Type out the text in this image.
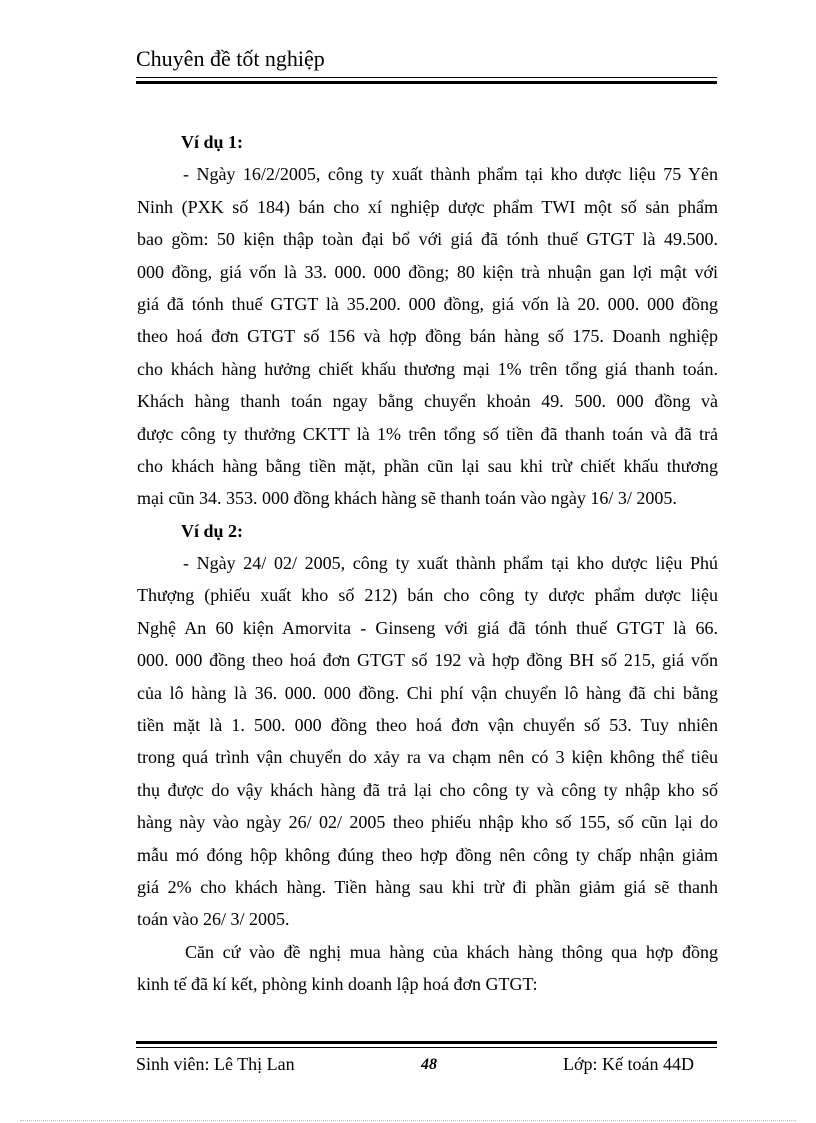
Chuyên đề tốt nghiệp
Ví dụ 1:
- Ngày 16/2/2005, công ty xuất thành phẩm tại kho dược liệu 75 Yên
Ninh (PXK số 184) bán cho xí nghiệp dược phẩm TWI một số sản phẩm
bao gồm: 50 kiện thập toàn đại bổ với giá đã tónh thuế GTGT là 49.500.
000 đồng, giá vốn là 33. 000. 000 đồng; 80 kiện trà nhuận gan lợi mật với
giá đã tónh thuế GTGT là 35.200. 000 đồng, giá vốn là 20. 000. 000 đồng
theo hoá đơn GTGT số 156 và hợp đồng bán hàng số 175. Doanh nghiệp
cho khách hàng hưởng chiết khấu thương mại 1% trên tổng giá thanh toán.
Khách hàng thanh toán ngay bằng chuyển khoản 49. 500. 000 đồng và
được công ty thưởng CKTT là 1% trên tổng số tiền đã thanh toán và đã trả
cho khách hàng bằng tiền mặt, phần cũn lại sau khi trừ chiết khấu thương
mại cũn 34. 353. 000 đồng khách hàng sẽ thanh toán vào ngày 16/ 3/ 2005.
Ví dụ 2:
- Ngày 24/ 02/ 2005, công ty xuất thành phẩm tại kho dược liệu Phú
Thượng (phiếu xuất kho số 212) bán cho công ty dược phẩm dược liệu
Nghệ An 60 kiện Amorvita - Ginseng với giá đã tónh thuế GTGT là 66.
000. 000 đồng theo hoá đơn GTGT số 192 và hợp đồng BH số 215, giá vốn
của lô hàng là 36. 000. 000 đồng. Chi phí vận chuyển lô hàng đã chi bằng
tiền mặt là 1. 500. 000 đồng theo hoá đơn vận chuyển số 53. Tuy nhiên
trong quá trình vận chuyển do xảy ra va chạm nên có 3 kiện không thể tiêu
thụ được do vậy khách hàng đã trả lại cho công ty và công ty nhập kho số
hàng này vào ngày 26/ 02/ 2005 theo phiếu nhập kho số 155, số cũn lại do
mẫu mó đóng hộp không đúng theo hợp đồng nên công ty chấp nhận giảm
giá 2% cho khách hàng. Tiền hàng sau khi trừ đi phần giảm giá sẽ thanh
toán vào 26/ 3/ 2005.
Căn cứ vào đề nghị mua hàng của khách hàng thông qua hợp đồng
kinh tế đã kí kết, phòng kinh doanh lập hoá đơn GTGT:
Sinh viên: Lê Thị Lan	48	Lớp: Kế toán 44D
